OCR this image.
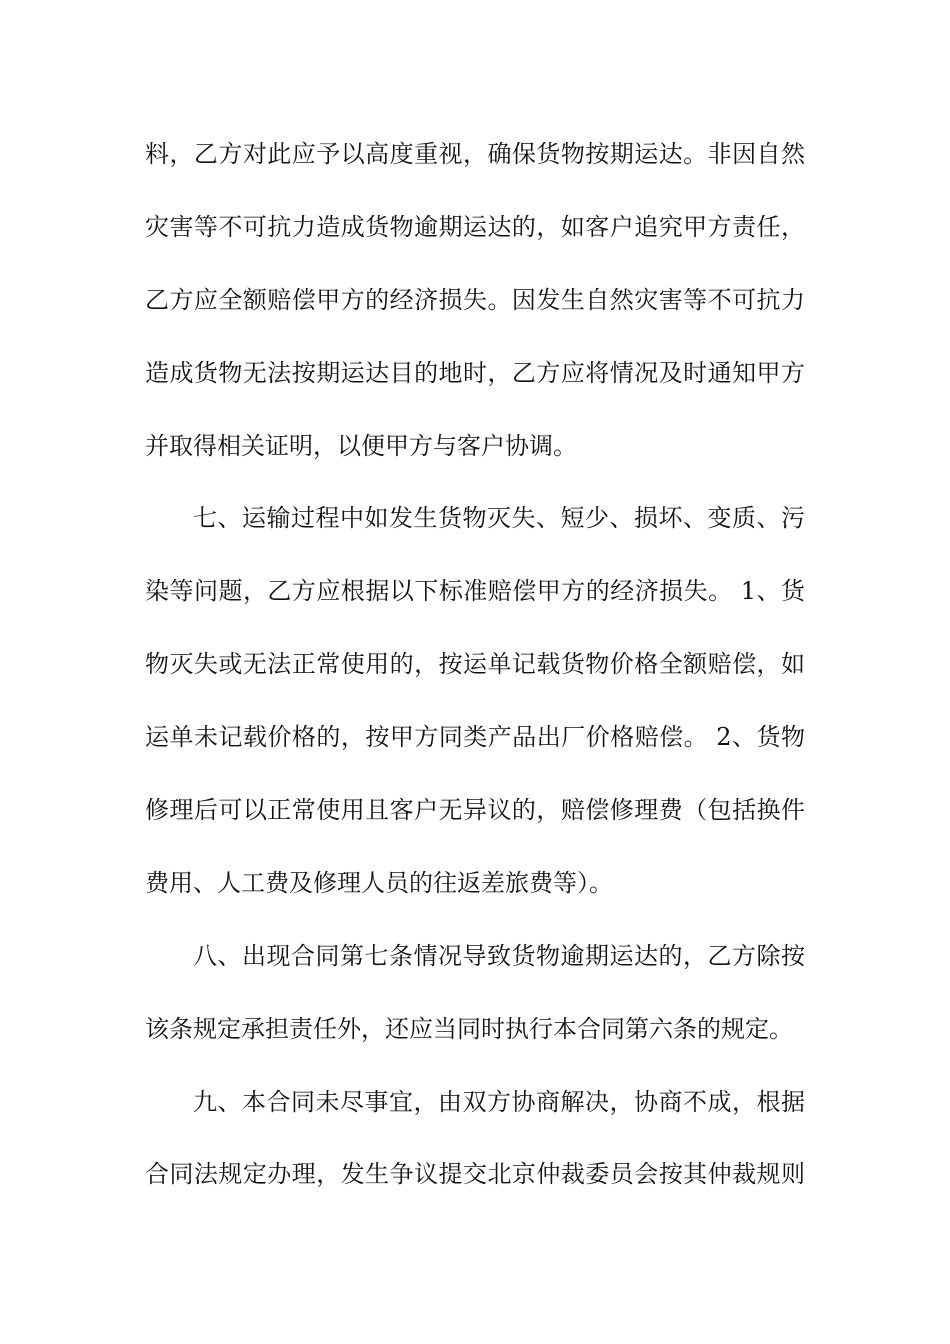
料，乙方对此应予以高度重视，确保货物按期运达。非因自然
灾害等不可抗力造成货物逾期运达的，如客户追究甲方责任，
乙方应全额赔偿甲方的经济损失。因发生自然灾害等不可抗力
造成货物无法按期运达目的地时，乙方应将情况及时通知甲方
并取得相关证明，以便甲方与客户协调。
七、运输过程中如发生货物灭失、短少、损坏、变质、污
染等问题，乙方应根据以下标准赔偿甲方的经济损失。 1、货
物灭失或无法正常使用的，按运单记载货物价格全额赔偿，如
运单未记载价格的，按甲方同类产品出厂价格赔偿。 2、货物
修理后可以正常使用且客户无异议的，赔偿修理费（包括换件
费用、人工费及修理人员的往返差旅费等）。
八、出现合同第七条情况导致货物逾期运达的，乙方除按
该条规定承担责任外，还应当同时执行本合同第六条的规定。
九、本合同未尽事宜，由双方协商解决，协商不成，根据
合同法规定办理，发生争议提交北京仲裁委员会按其仲裁规则
